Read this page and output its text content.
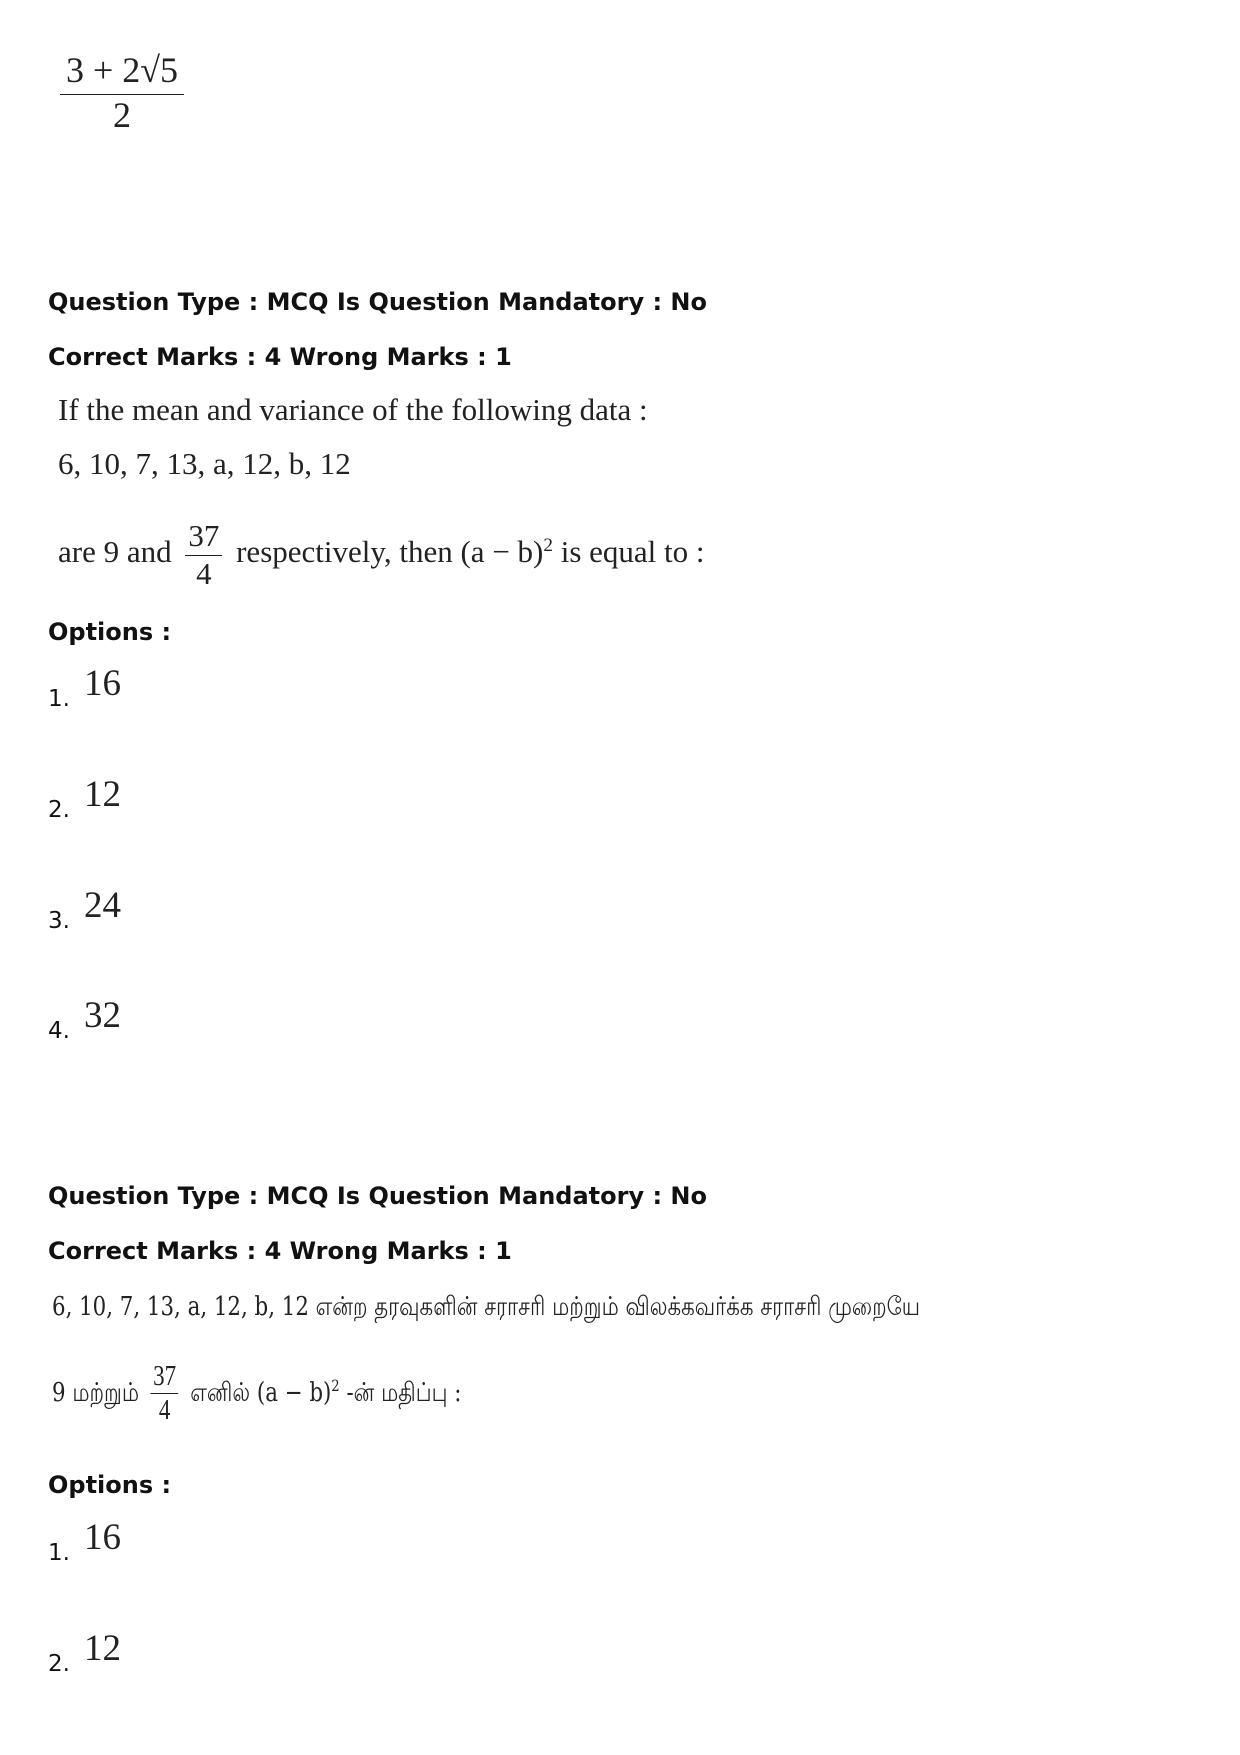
$\frac{3 + 2√5}{2}$
Question Type : MCQ Is Question Mandatory : No
Correct Marks : 4 Wrong Marks : 1
If the mean and variance of the following data :
6, 10, 7, 13, a, 12, b, 12
are 9 and $\frac{37}{4}$ respectively, then $(a - b)^2$ is equal to :
Options :
1. 16
2. 12
3. 24
4. 32
Question Type : MCQ Is Question Mandatory : No
Correct Marks : 4 Wrong Marks : 1
6, 10, 7, 13, a, 12, b, 12 என்ற தரவுகளின் சராசரி மற்றும் விலக்கவர்க்க சராசரி முறையே
9 மற்றும் $\frac{37}{4}$ எனில் $(a - b)^2$ -ன் மதிப்பு :
Options :
1. 16
2. 12
